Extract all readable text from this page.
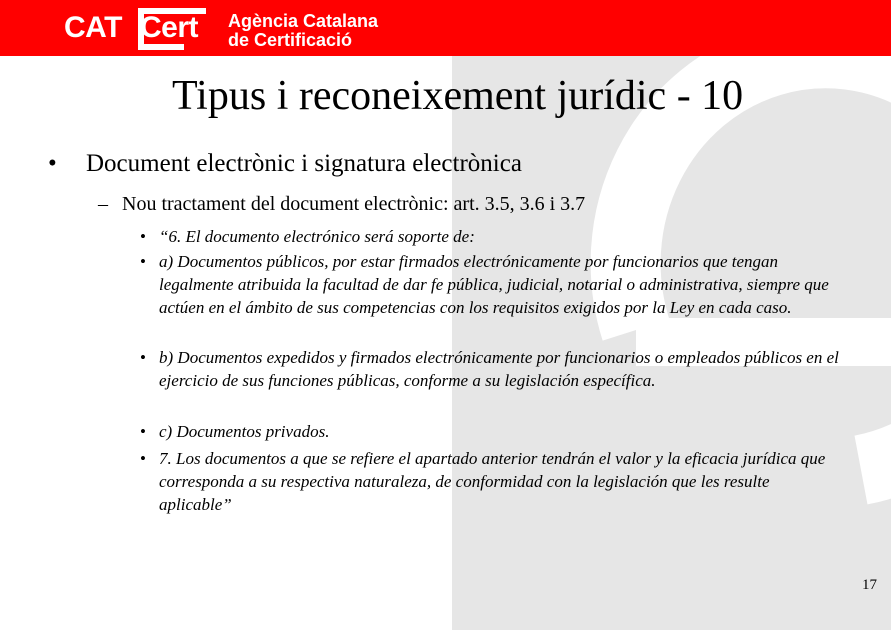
CAT Cert Agència Catalana
de Certificació
Tipus i reconeixement jurídic - 10
• Document electrònic i signatura electrònica
– Nou tractament del document electrònic: art. 3.5, 3.6 i 3.7
• “6. El documento electrónico será soporte de:
• a) Documentos públicos, por estar firmados electrónicamente por funcionarios que tengan legalmente atribuida la facultad de dar fe pública, judicial, notarial o administrativa, siempre que actúen en el ámbito de sus competencias con los requisitos exigidos por la Ley en cada caso.
• b) Documentos expedidos y firmados electrónicamente por funcionarios o empleados públicos en el ejercicio de sus funciones públicas, conforme a su legislación específica.
• c) Documentos privados.
• 7. Los documentos a que se refiere el apartado anterior tendrán el valor y la eficacia jurídica que corresponda a su respectiva naturaleza, de conformidad con la legislación que les resulte aplicable”
17
